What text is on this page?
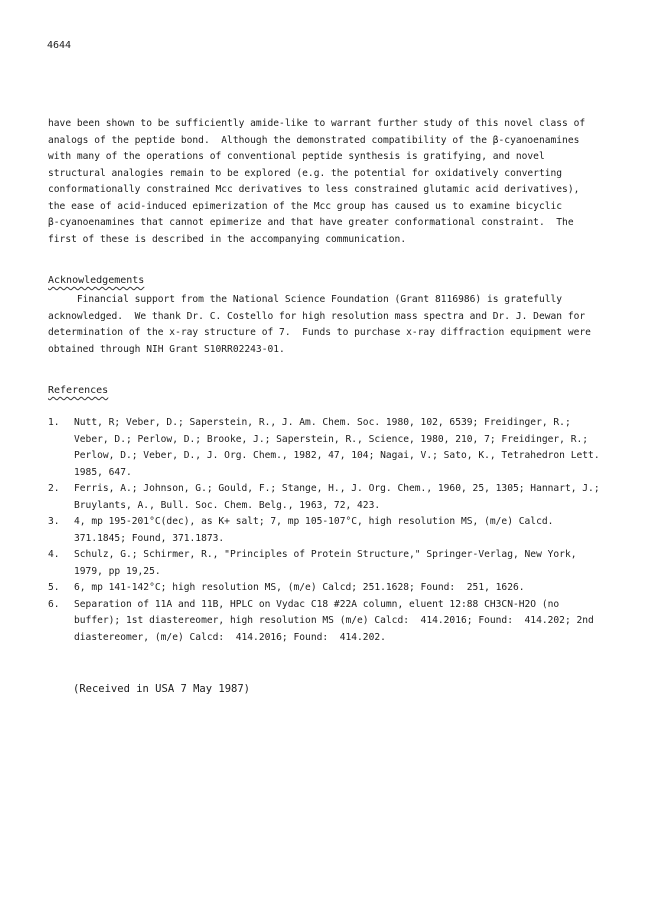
4644
have been shown to be sufficiently amide-like to warrant further study of this novel class of
analogs of the peptide bond.  Although the demonstrated compatibility of the β-cyanoenamines
with many of the operations of conventional peptide synthesis is gratifying, and novel
structural analogies remain to be explored (e.g. the potential for oxidatively converting
conformationally constrained Mcc derivatives to less constrained glutamic acid derivatives),
the ease of acid-induced epimerization of the Mcc group has caused us to examine bicyclic
β-cyanoenamines that cannot epimerize and that have greater conformational constraint.  The
first of these is described in the accompanying communication.
Acknowledgements
Financial support from the National Science Foundation (Grant 8116986) is gratefully
acknowledged.  We thank Dr. C. Costello for high resolution mass spectra and Dr. J. Dewan for
determination of the x-ray structure of 7.  Funds to purchase x-ray diffraction equipment were
obtained through NIH Grant S10RR02243-01.
References
1. Nutt, R; Veber, D.; Saperstein, R., J. Am. Chem. Soc. 1980, 102, 6539; Freidinger, R.;
Veber, D.; Perlow, D.; Brooke, J.; Saperstein, R., Science, 1980, 210, 7; Freidinger, R.;
Perlow, D.; Veber, D., J. Org. Chem., 1982, 47, 104; Nagai, V.; Sato, K., Tetrahedron Lett.
1985, 647.
2. Ferris, A.; Johnson, G.; Gould, F.; Stange, H., J. Org. Chem., 1960, 25, 1305; Hannart, J.;
Bruylants, A., Bull. Soc. Chem. Belg., 1963, 72, 423.
3. 4, mp 195-201°C(dec), as K+ salt; 7, mp 105-107°C, high resolution MS, (m/e) Calcd.
371.1845; Found, 371.1873.
4. Schulz, G.; Schirmer, R., "Principles of Protein Structure," Springer-Verlag, New York,
1979, pp 19,25.
5. 6, mp 141-142°C; high resolution MS, (m/e) Calcd; 251.1628; Found:  251, 1626.
6. Separation of 11A and 11B, HPLC on Vydac C18 #22A column, eluent 12:88 CH3CN-H2O (no
buffer); 1st diastereomer, high resolution MS (m/e) Calcd:  414.2016; Found:  414.202; 2nd
diastereomer, (m/e) Calcd:  414.2016; Found:  414.202.
(Received in USA 7 May 1987)
